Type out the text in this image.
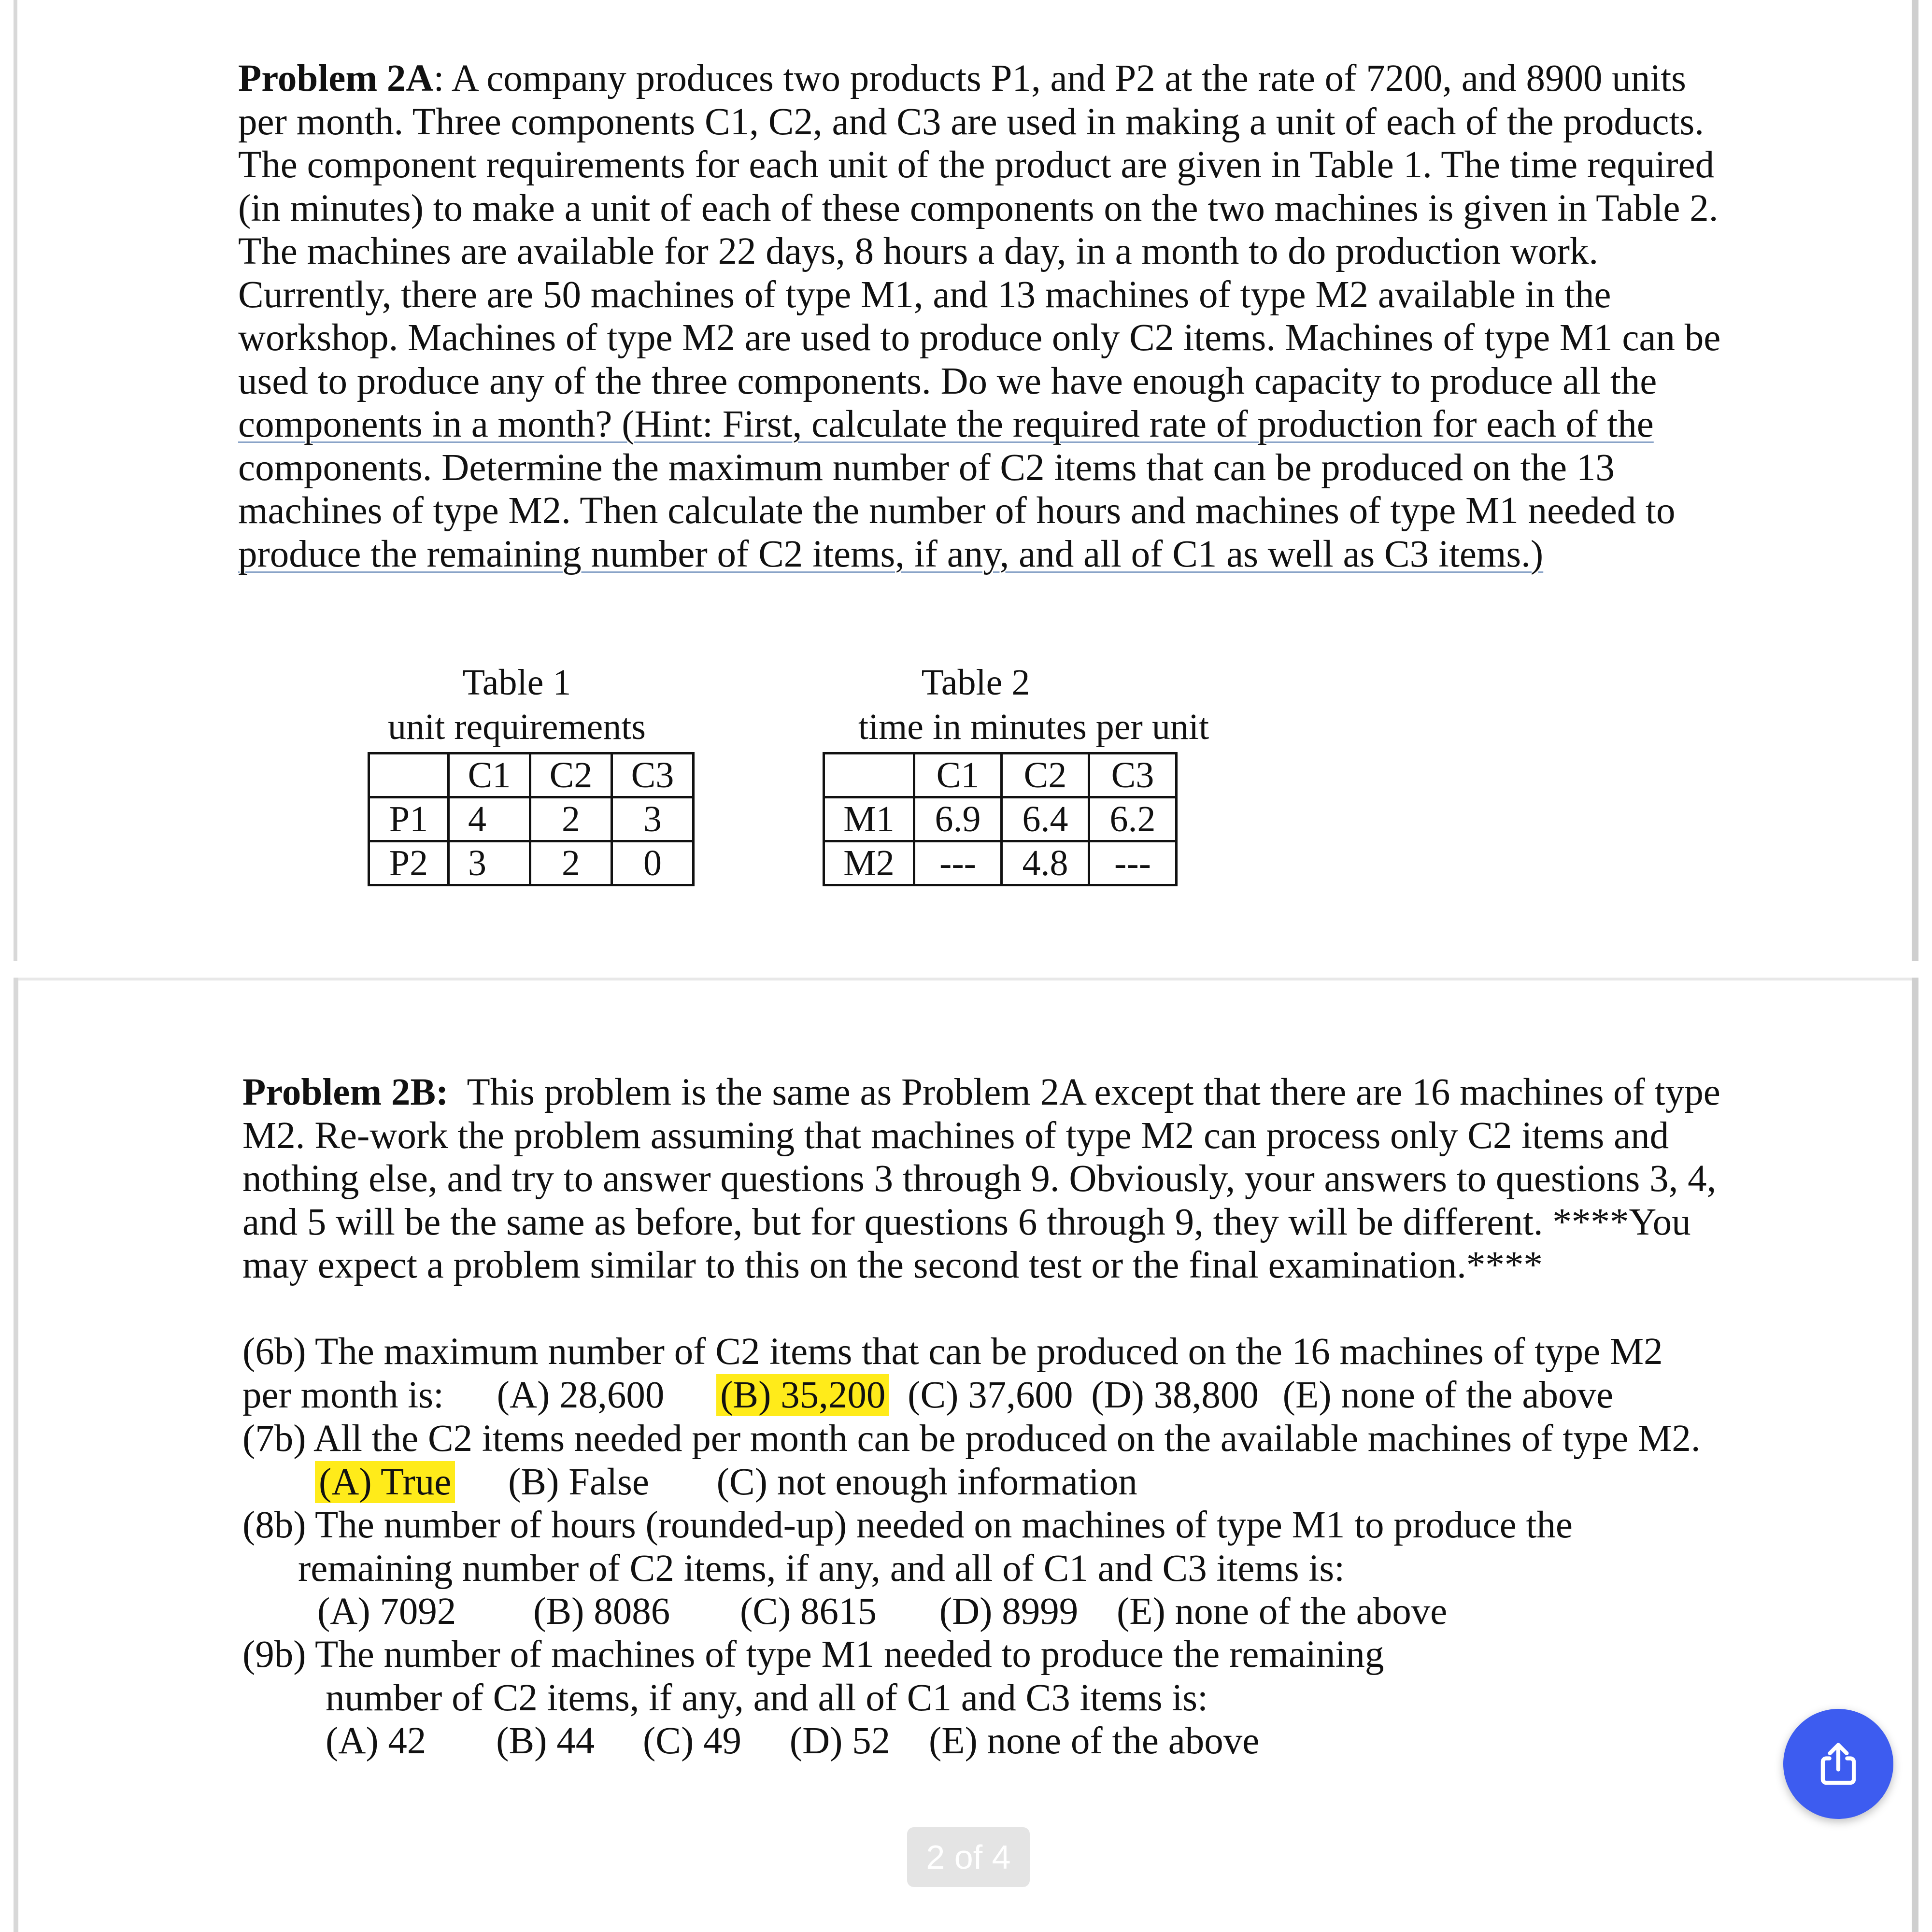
Problem 2A: A company produces two products P1, and P2 at the rate of 7200, and 8900 units
per month. Three components C1, C2, and C3 are used in making a unit of each of the products.
The component requirements for each unit of the product are given in Table 1. The time required
(in minutes) to make a unit of each of these components on the two machines is given in Table 2.
The machines are available for 22 days, 8 hours a day, in a month to do production work.
Currently, there are 50 machines of type M1, and 13 machines of type M2 available in the
workshop. Machines of type M2 are used to produce only C2 items. Machines of type M1 can be
used to produce any of the three components. Do we have enough capacity to produce all the
components in a month? (Hint: First, calculate the required rate of production for each of the
components. Determine the maximum number of C2 items that can be produced on the 13
machines of type M2. Then calculate the number of hours and machines of type M1 needed to
produce the remaining number of C2 items, if any, and all of C1 as well as C3 items.)
Table 1
unit requirements
	C1	C2	C3
P1	4	2	3
P2	3	2	0
Table 2
time in minutes per unit
	C1	C2	C3
M1	6.9	6.4	6.2
M2	---	4.8	---
Problem 2B:  This problem is the same as Problem 2A except that there are 16 machines of type
M2. Re-work the problem assuming that machines of type M2 can process only C2 items and
nothing else, and try to answer questions 3 through 9. Obviously, your answers to questions 3, 4,
and 5 will be the same as before, but for questions 6 through 9, they will be different. ****You
may expect a problem similar to this on the second test or the final examination.****
(6b) The maximum number of C2 items that can be produced on the 16 machines of type M2
per month is: (A) 28,600 (B) 35,200 (C) 37,600 (D) 38,800 (E) none of the above
(7b) All the C2 items needed per month can be produced on the available machines of type M2.
(A) True (B) False (C) not enough information
(8b) The number of hours (rounded-up) needed on machines of type M1 to produce the
remaining number of C2 items, if any, and all of C1 and C3 items is:
(A) 7092 (B) 8086 (C) 8615 (D) 8999 (E) none of the above
(9b) The number of machines of type M1 needed to produce the remaining
number of C2 items, if any, and all of C1 and C3 items is:
(A) 42 (B) 44 (C) 49 (D) 52 (E) none of the above
2 of 4
